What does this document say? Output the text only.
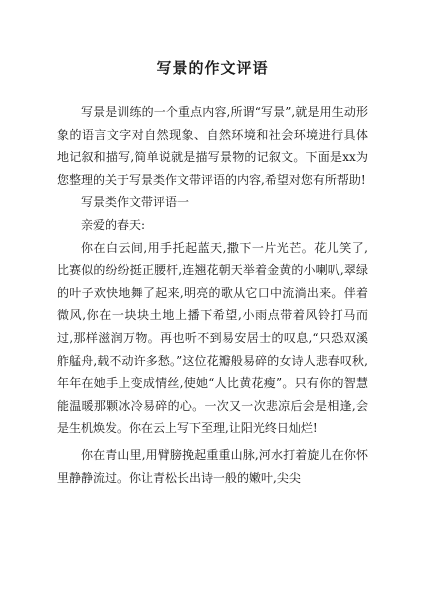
写景的作文评语

写景是训练的一个重点内容,所谓“写景”,就是用生动形象的语言文字对自然现象、自然环境和社会环境进行具体地记叙和描写,简单说就是描写景物的记叙文。下面是xx为您整理的关于写景类作文带评语的内容,希望对您有所帮助!

写景类作文带评语一

亲爱的春天:

你在白云间,用手托起蓝天,撒下一片光芒。花儿笑了,比赛似的纷纷挺正腰杆,连翘花朝天举着金黄的小喇叭,翠绿的叶子欢快地舞了起来,明亮的歌从它口中流淌出来。伴着微风,你在一块块土地上播下希望,小雨点带着风铃打马而过,那样滋润万物。再也听不到易安居士的叹息,“只恐双溪舴艋舟,载不动许多愁。”这位花瓣般易碎的女诗人悲春叹秋,年年在她手上变成情丝,使她“人比黄花瘦”。只有你的智慧能温暖那颗冰冷易碎的心。一次又一次悲凉后会是相逢,会是生机焕发。你在云上写下至理,让阳光终日灿烂!

你在青山里,用臂膀挽起重重山脉,河水打着旋儿在你怀里静静流过。你让青松长出诗一般的嫩叶,尖尖
